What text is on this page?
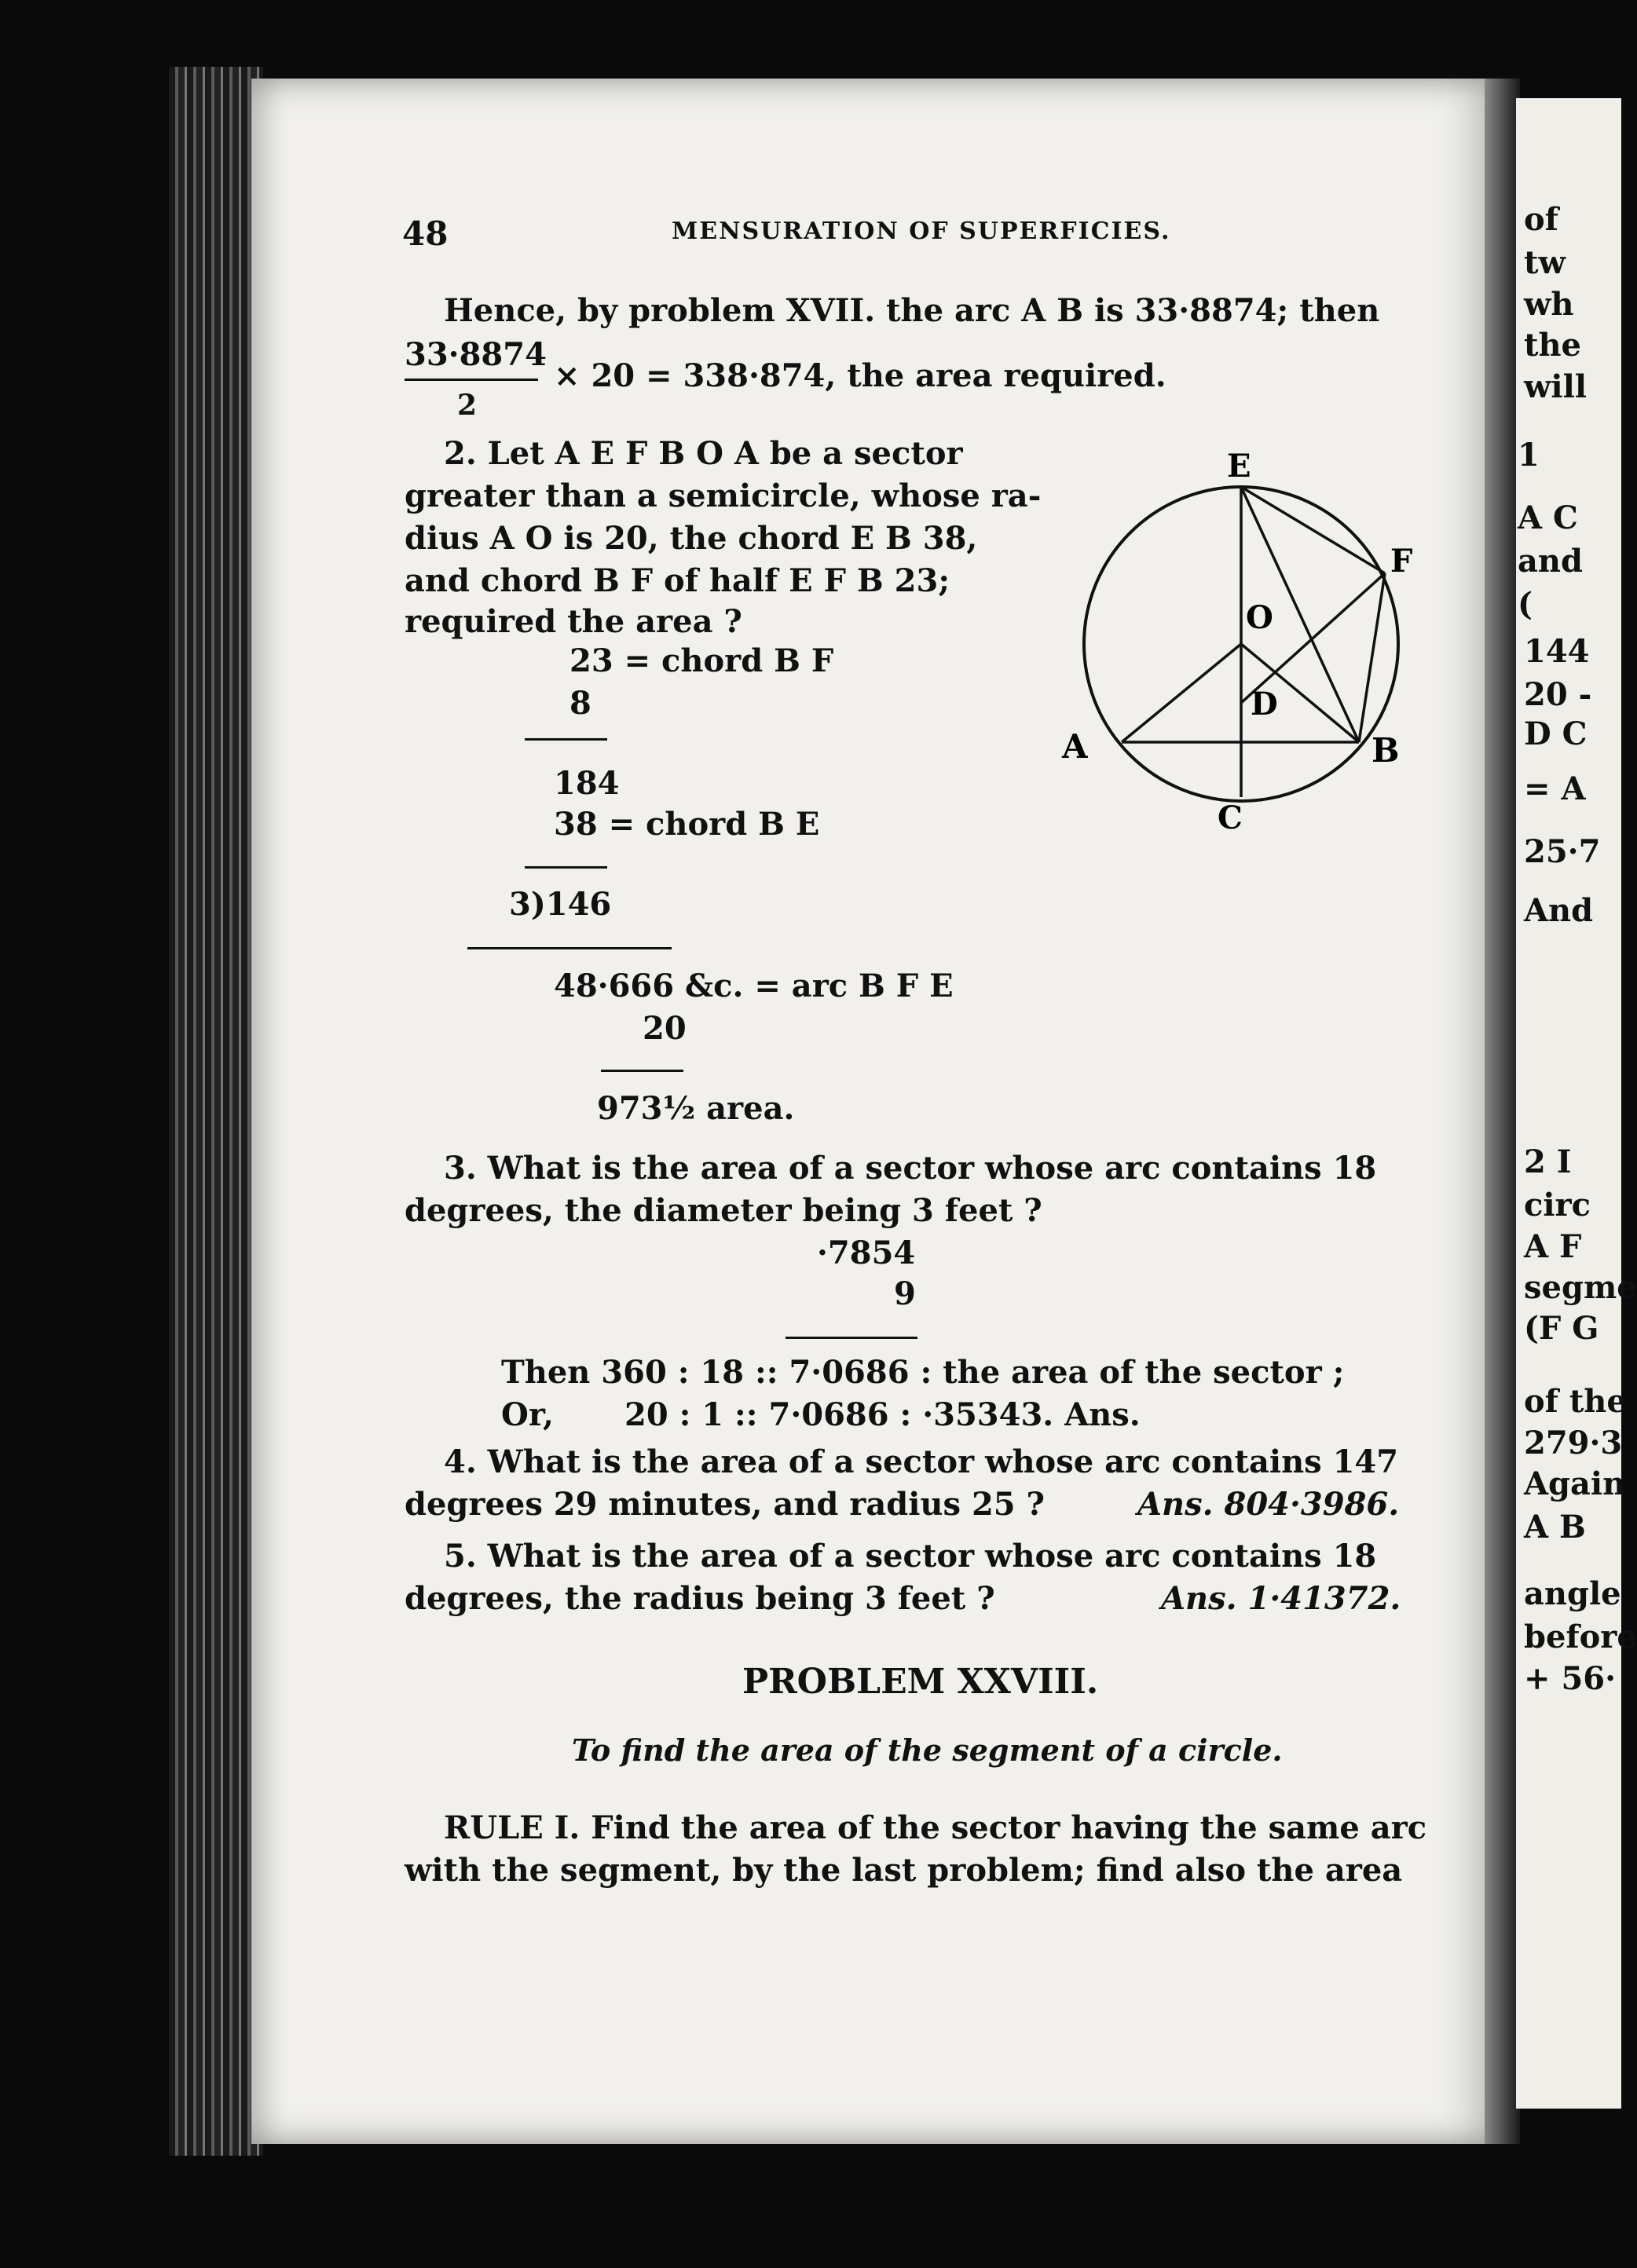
of
tw
wh
the
will
1
A C
and
(
144
20 -
D C
= A
25·7
And
2 I
circ
A F
segme
(F G
of the
279·3
Again
A B
angle
before
+ 56·
48	MENSURATION OF SUPERFICIES.
Hence, by problem XVII. the arc A B is 33·8874; then
33·8874
2
× 20 = 338·874, the area required.
2. Let A E F B O A be a sector
greater than a semicircle, whose ra-
dius A O is 20, the chord E B 38,
and chord B F of half E F B 23;
required the area ?
23 = chord B F
8
184
38 = chord B E
3)146
48·666 &c. = arc B F E
20
973½ area.
E
F
O
D
A	B
C
3. What is the area of a sector whose arc contains 18
degrees, the diameter being 3 feet ?
·7854
9
Then 360 : 18 :: 7·0686 : the area of the sector ;
Or, 20 : 1 :: 7·0686 : ·35343. Ans.
4. What is the area of a sector whose arc contains 147
degrees 29 minutes, and radius 25 ?	Ans. 804·3986.
5. What is the area of a sector whose arc contains 18
degrees, the radius being 3 feet ?	Ans. 1·41372.
PROBLEM XXVIII.
To find the area of the segment of a circle.
RULE I. Find the area of the sector having the same arc
with the segment, by the last problem; find also the area
